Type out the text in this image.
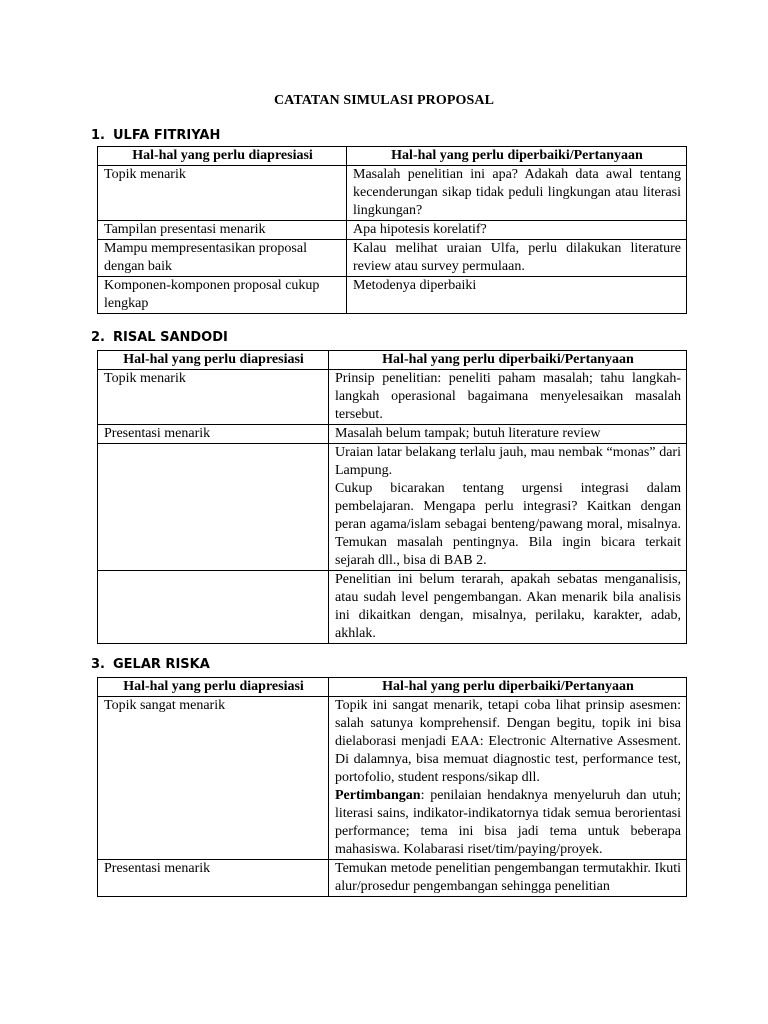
CATATAN SIMULASI PROPOSAL
1. ULFA FITRIYAH
Hal-hal yang perlu diapresiasi	Hal-hal yang perlu diperbaiki/Pertanyaan
Topik menarik	Masalah penelitian ini apa? Adakah data awal tentang kecenderungan sikap tidak peduli lingkungan atau literasi lingkungan?
Tampilan presentasi menarik	Apa hipotesis korelatif?
Mampu mempresentasikan proposal dengan baik	Kalau melihat uraian Ulfa, perlu dilakukan literature review atau survey permulaan.
Komponen-komponen proposal cukup lengkap	Metodenya diperbaiki
2. RISAL SANDODI
Hal-hal yang perlu diapresiasi	Hal-hal yang perlu diperbaiki/Pertanyaan
Topik menarik	Prinsip penelitian: peneliti paham masalah; tahu langkah-langkah operasional bagaimana menyelesaikan masalah tersebut.
Presentasi menarik	Masalah belum tampak; butuh literature review

	Uraian latar belakang terlalu jauh, mau nembak “monas” dari Lampung.
Cukup bicarakan tentang urgensi integrasi dalam pembelajaran. Mengapa perlu integrasi? Kaitkan dengan peran agama/islam sebagai benteng/pawang moral, misalnya. Temukan masalah pentingnya. Bila ingin bicara terkait sejarah dll., bisa di BAB 2.

	Penelitian ini belum terarah, apakah sebatas menganalisis, atau sudah level pengembangan. Akan menarik bila analisis ini dikaitkan dengan, misalnya, perilaku, karakter, adab, akhlak.
3. GELAR RISKA
Hal-hal yang perlu diapresiasi	Hal-hal yang perlu diperbaiki/Pertanyaan
Topik sangat menarik	Topik ini sangat menarik, tetapi coba lihat prinsip asesmen: salah satunya komprehensif. Dengan begitu, topik ini bisa dielaborasi menjadi EAA: Electronic Alternative Assesment. Di dalamnya, bisa memuat diagnostic test, performance test, portofolio, student respons/sikap dll.
Pertimbangan: penilaian hendaknya menyeluruh dan utuh; literasi sains, indikator-indikatornya tidak semua berorientasi performance; tema ini bisa jadi tema untuk beberapa mahasiswa. Kolabarasi riset/tim/paying/proyek.

Presentasi menarik	Temukan metode penelitian pengembangan termutakhir. Ikuti alur/prosedur pengembangan sehingga penelitian
